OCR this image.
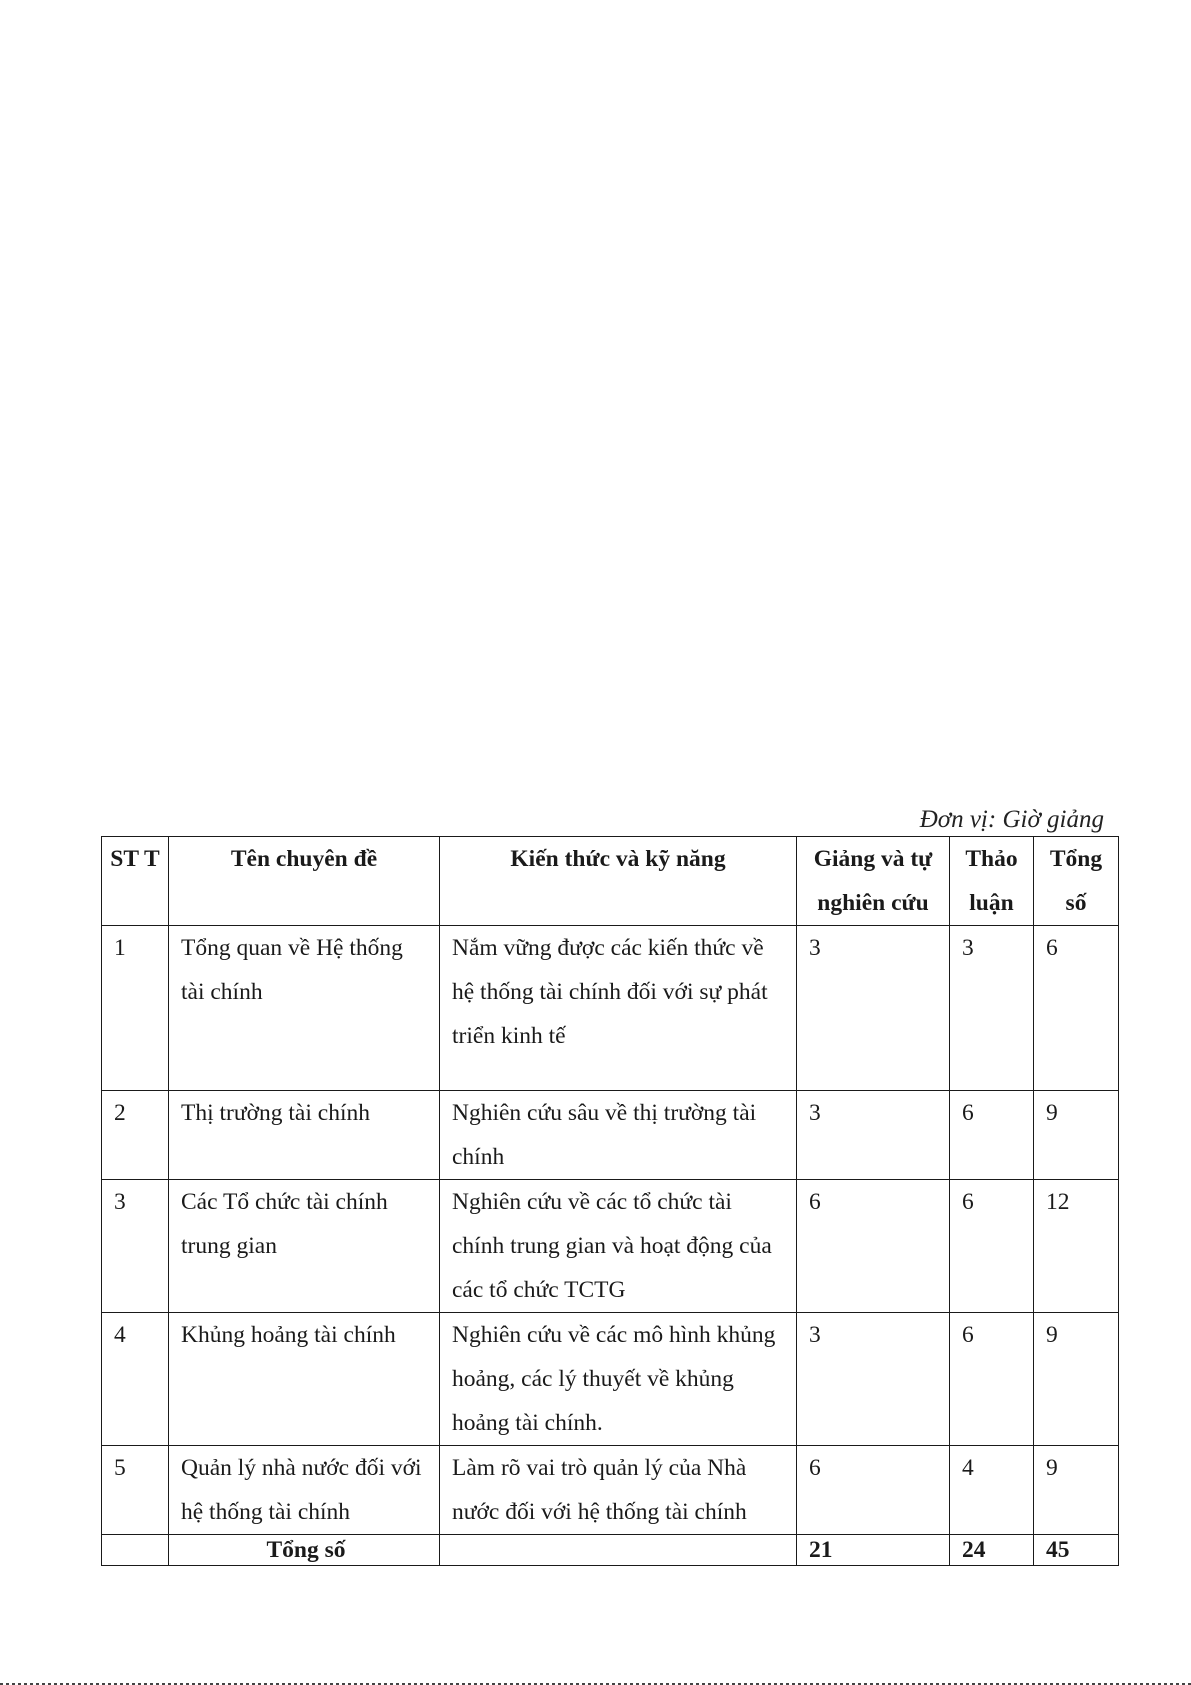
Đơn vị: Giờ giảng

ST T	Tên chuyên đề	Kiến thức và kỹ năng	Giảng và tự nghiên cứu	Thảo luận	Tổng số
1	Tổng quan về Hệ thống tài chính	Nắm vững được các kiến thức về hệ thống tài chính đối với sự phát triển kinh tế	3	3	6
2	Thị trường tài chính	Nghiên cứu sâu về thị trường tài chính	3	6	9
3	Các Tổ chức tài chính trung gian	Nghiên cứu về các tổ chức tài chính trung gian và hoạt động của các tổ chức TCTG	6	6	12
4	Khủng hoảng tài chính	Nghiên cứu về các mô hình khủng hoảng, các lý thuyết về khủng hoảng tài chính.	3	6	9
5	Quản lý nhà nước đối với hệ thống tài chính	Làm rõ vai trò quản lý của Nhà nước đối với hệ thống tài chính	6	4	9
	Tổng số		21	24	45
